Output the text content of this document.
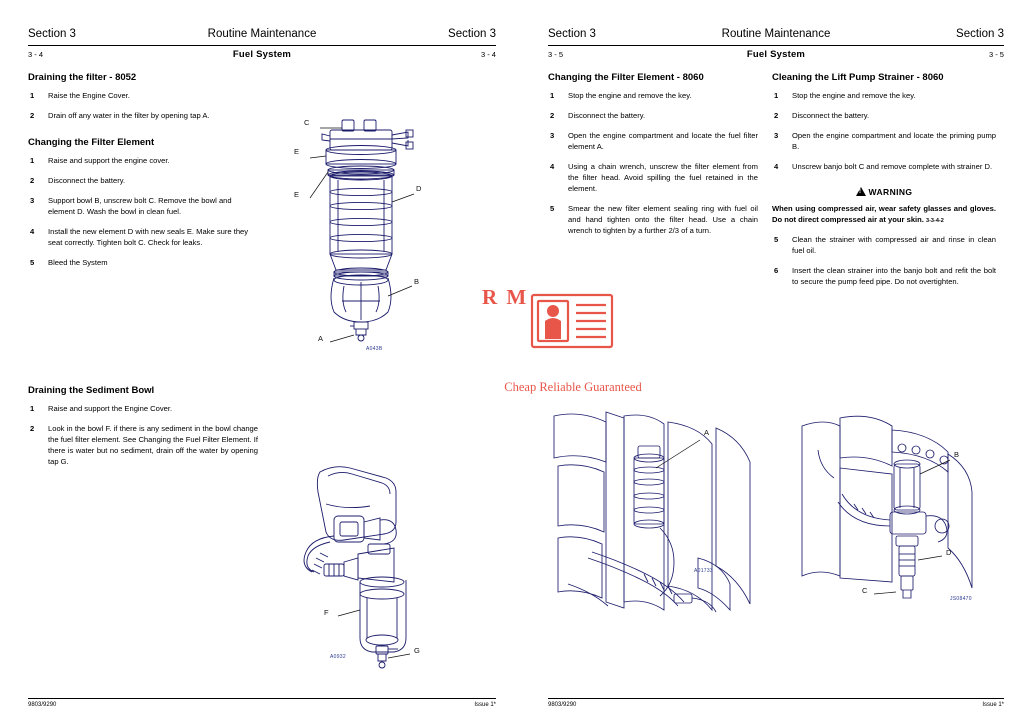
Section 3	Routine Maintenance	Section 3
3 - 4	Fuel System	3 - 4
Draining the filter - 8052
1 Raise the Engine Cover.
2 Drain off any water in the filter by opening tap A.
Changing the Filter Element
1 Raise and support the engine cover.
2 Disconnect the battery.
3 Support bowl B, unscrew bolt C. Remove the bowl and element D. Wash the bowl in clean fuel.
4 Install the new element D with new seals E. Make sure they seat correctly. Tighten bolt C. Check for leaks.
5 Bleed the System
Draining the Sediment Bowl
1 Raise and support the Engine Cover.
2 Look in the bowl F. if there is any sediment in the bowl change the fuel filter element. See Changing the Fuel Filter Element. If there is water but no sediment, drain off the water by opening tap G.
C
E
E
D
B
A
A043B
F
G
A0932
9803/9290	Issue 1*
Section 3	Routine Maintenance	Section 3
3 - 5	Fuel System	3 - 5
Changing the Filter Element - 8060
1 Stop the engine and remove the key.
2 Disconnect the battery.
3 Open the engine compartment and locate the fuel filter element A.
4 Using a chain wrench, unscrew the filter element from the filter head. Avoid spilling the fuel retained in the element.
5 Smear the new filter element sealing ring with fuel oil and hand tighten onto the filter head. Use a chain wrench to tighten by a further 2/3 of a turn.
Cleaning the Lift Pump Strainer - 8060
1 Stop the engine and remove the key.
2 Disconnect the battery.
3 Open the engine compartment and locate the priming pump B.
4 Unscrew banjo bolt C and remove complete with strainer D.
!WARNING
When using compressed air, wear safety glasses and gloves. Do not direct compressed air at your skin. 3-3-4-2
5 Clean the strainer with compressed air and rinse in clean fuel oil.
6 Insert the clean strainer into the banjo bolt and refit the bolt to secure the pump feed pipe. Do not overtighten.
A
A01733
B
D
C
JS08470
9803/9290	Issue 1*
R M
Cheap Reliable Guaranteed
